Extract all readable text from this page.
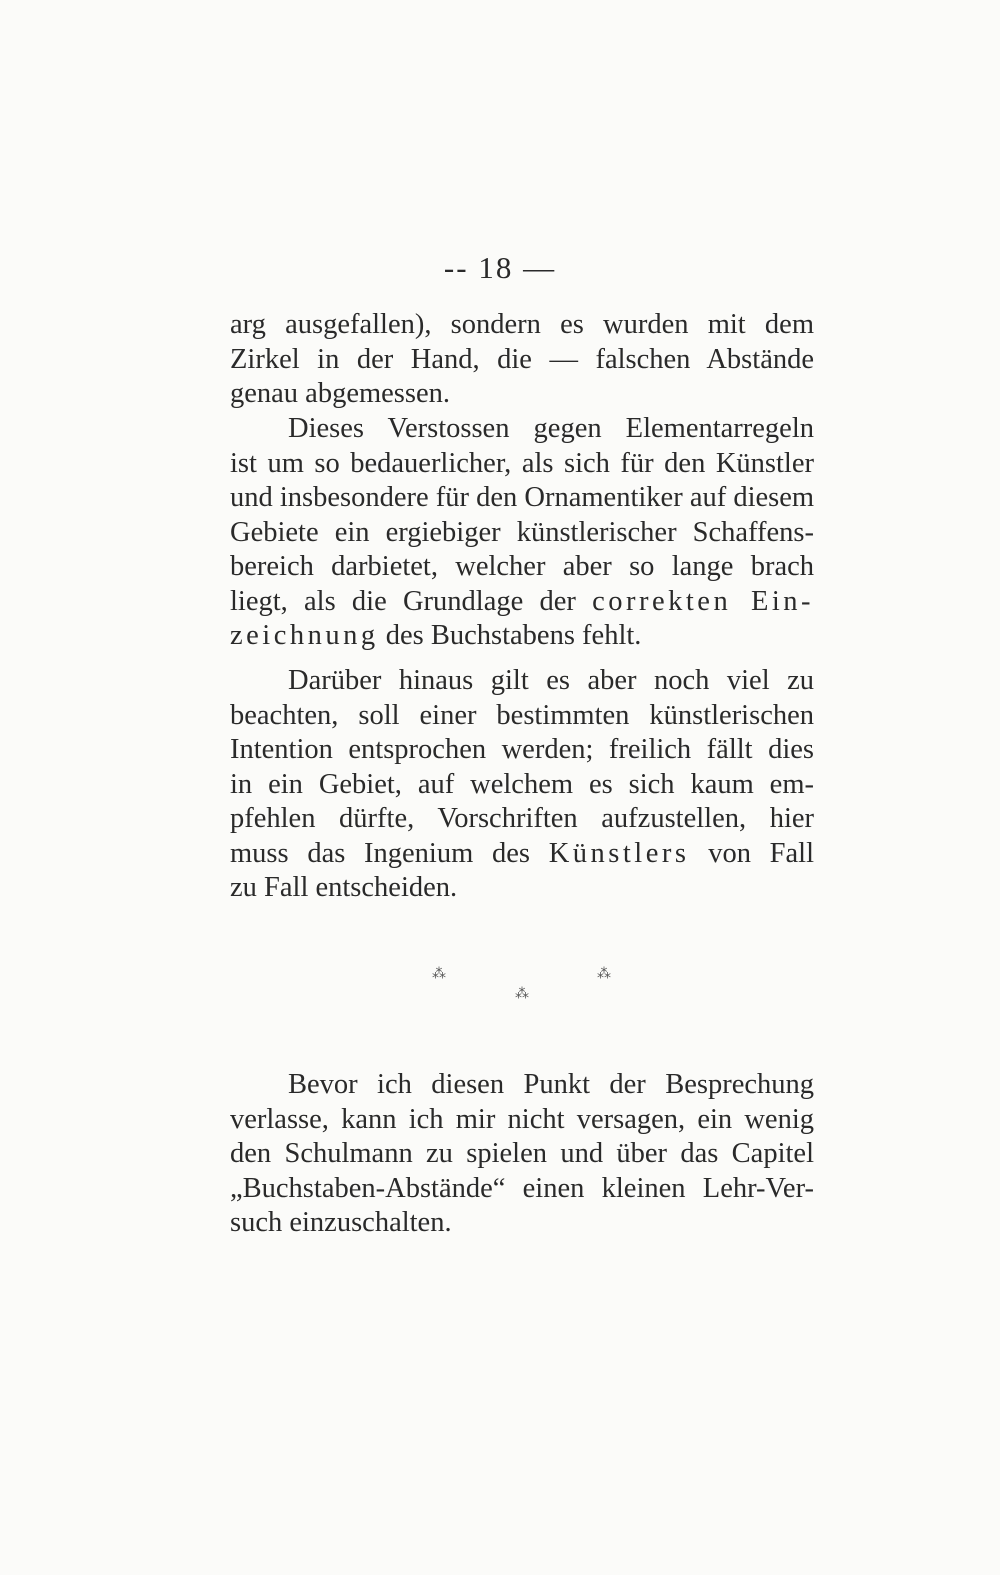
-- 18 —
arg ausgefallen), sondern es wurden mit dem
Zirkel in der Hand, die — falschen Abstände
genau abgemessen.
Dieses Verstossen gegen Elementarregeln
ist um so bedauerlicher, als sich für den Künstler
und insbesondere für den Ornamentiker auf diesem
Gebiete ein ergiebiger künstlerischer Schaffens-
bereich darbietet, welcher aber so lange brach
liegt, als die Grundlage der correkten Ein-
zeichnung des Buchstabens fehlt.
Darüber hinaus gilt es aber noch viel zu
beachten, soll einer bestimmten künstlerischen
Intention entsprochen werden; freilich fällt dies
in ein Gebiet, auf welchem es sich kaum em-
pfehlen dürfte, Vorschriften aufzustellen, hier
muss das Ingenium des Künstlers von Fall
zu Fall entscheiden.
⁂	⁂
⁂
Bevor ich diesen Punkt der Besprechung
verlasse, kann ich mir nicht versagen, ein wenig
den Schulmann zu spielen und über das Capitel
„Buchstaben-Abstände“ einen kleinen Lehr-Ver-
such einzuschalten.
